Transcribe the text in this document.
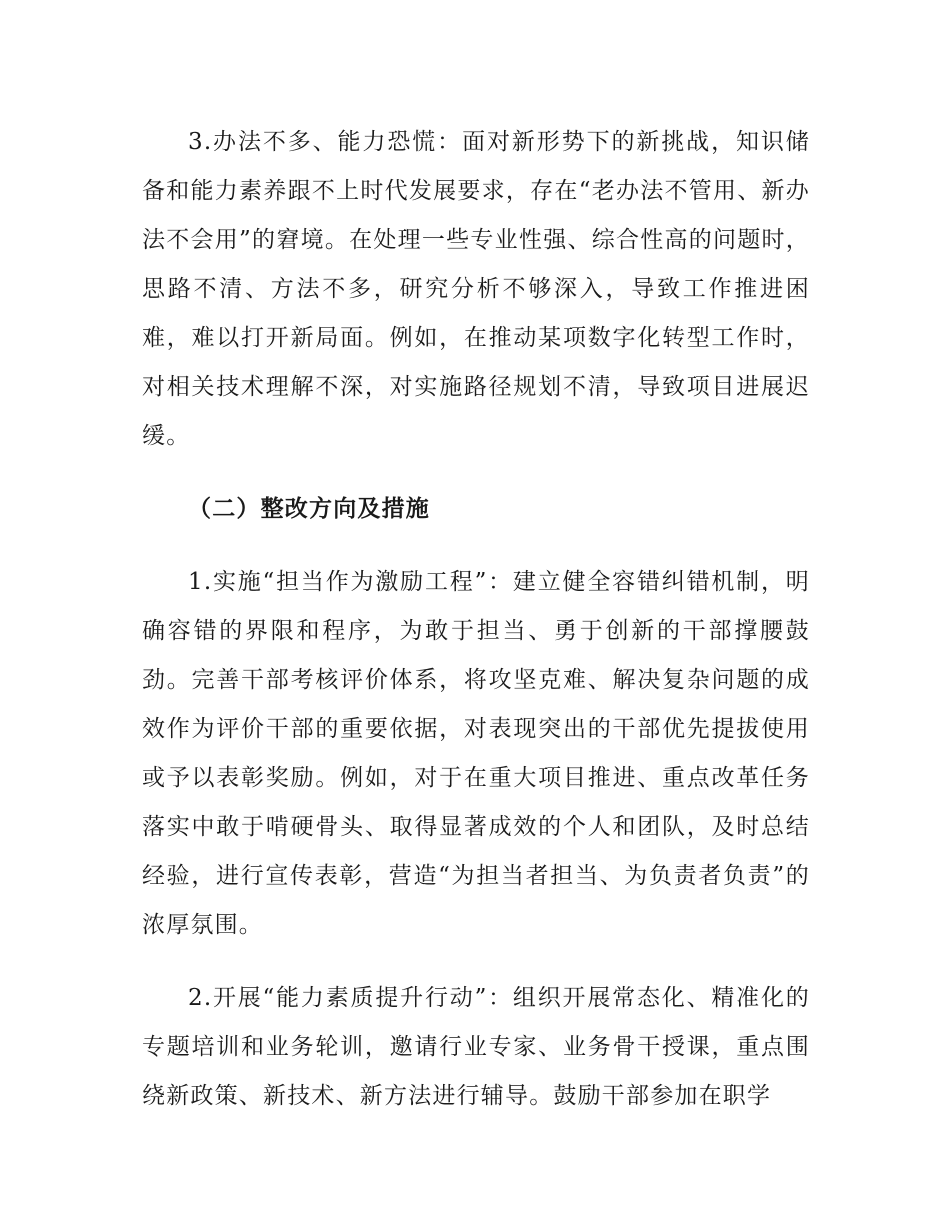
3.办法不多、能力恐慌：面对新形势下的新挑战，知识储备和能力素养跟不上时代发展要求，存在“老办法不管用、新办法不会用”的窘境。在处理一些专业性强、综合性高的问题时，思路不清、方法不多，研究分析不够深入，导致工作推进困难，难以打开新局面。例如，在推动某项数字化转型工作时，对相关技术理解不深，对实施路径规划不清，导致项目进展迟缓。

（二）整改方向及措施

1.实施“担当作为激励工程”：建立健全容错纠错机制，明确容错的界限和程序，为敢于担当、勇于创新的干部撑腰鼓劲。完善干部考核评价体系，将攻坚克难、解决复杂问题的成效作为评价干部的重要依据，对表现突出的干部优先提拔使用或予以表彰奖励。例如，对于在重大项目推进、重点改革任务落实中敢于啃硬骨头、取得显著成效的个人和团队，及时总结经验，进行宣传表彰，营造“为担当者担当、为负责者负责”的浓厚氛围。

2.开展“能力素质提升行动”：组织开展常态化、精准化的专题培训和业务轮训，邀请行业专家、业务骨干授课，重点围绕新政策、新技术、新方法进行辅导。鼓励干部参加在职学
